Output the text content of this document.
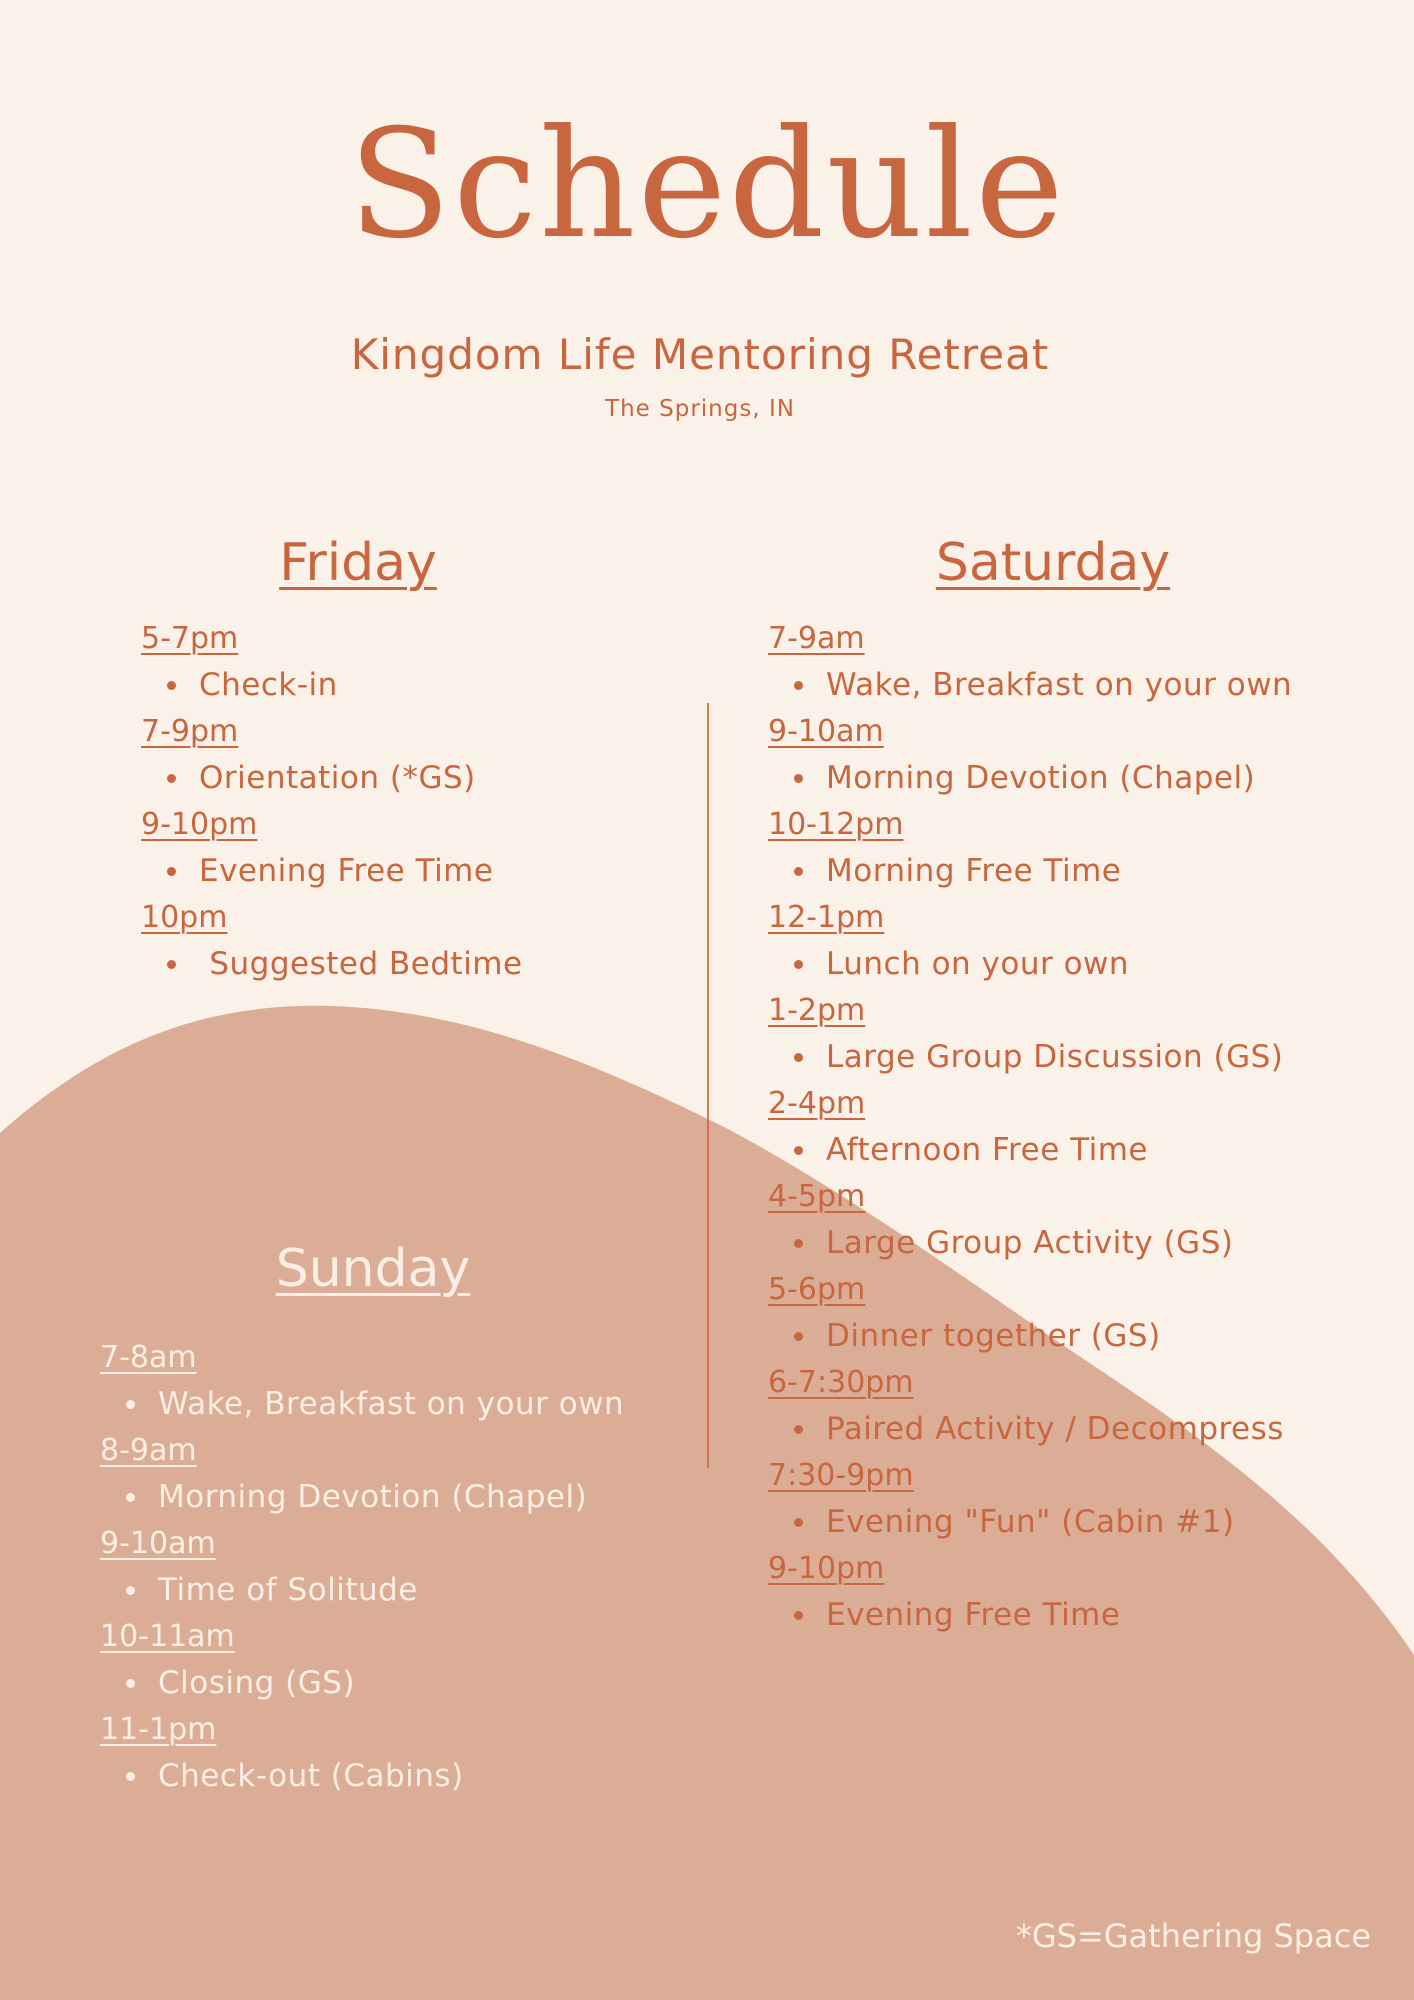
Schedule
Kingdom Life Mentoring Retreat
The Springs, IN
Friday
5-7pm
Check-in
7-9pm
Orientation (*GS)
9-10pm
Evening Free Time
10pm
Suggested Bedtime
Saturday
7-9am
Wake, Breakfast on your own
9-10am
Morning Devotion (Chapel)
10-12pm
Morning Free Time
12-1pm
Lunch on your own
1-2pm
Large Group Discussion (GS)
2-4pm
Afternoon Free Time
4-5pm
Large Group Activity (GS)
5-6pm
Dinner together (GS)
6-7:30pm
Paired Activity / Decompress
7:30-9pm
Evening "Fun" (Cabin #1)
9-10pm
Evening Free Time
Sunday
7-8am
Wake, Breakfast on your own
8-9am
Morning Devotion (Chapel)
9-10am
Time of Solitude
10-11am
Closing (GS)
11-1pm
Check-out (Cabins)
*GS=Gathering Space
